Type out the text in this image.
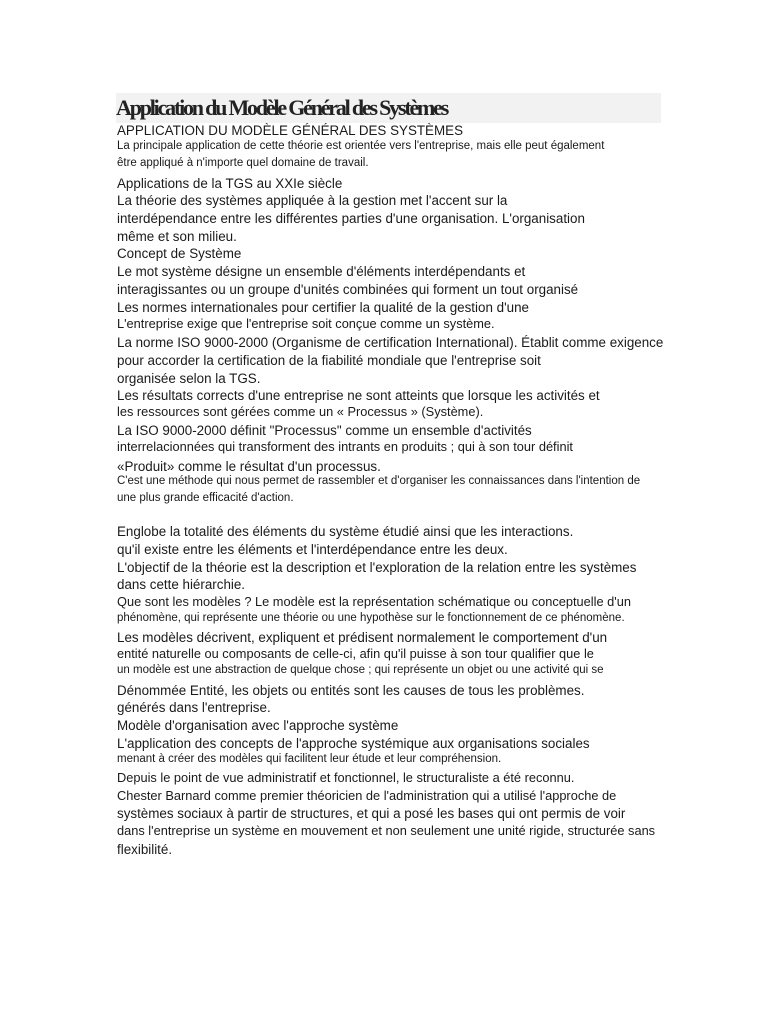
Application du Modèle Général des Systèmes
APPLICATION DU MODÈLE GÉNÉRAL DES SYSTÈMES
La principale application de cette théorie est orientée vers l'entreprise, mais elle peut également
être appliqué à n'importe quel domaine de travail.
Applications de la TGS au XXIe siècle
La théorie des systèmes appliquée à la gestion met l'accent sur la
interdépendance entre les différentes parties d'une organisation. L'organisation
même et son milieu.
Concept de Système
Le mot système désigne un ensemble d'éléments interdépendants et
interagissantes ou un groupe d'unités combinées qui forment un tout organisé
Les normes internationales pour certifier la qualité de la gestion d'une
L'entreprise exige que l'entreprise soit conçue comme un système.
La norme ISO 9000-2000 (Organisme de certification International). Établit comme exigence
pour accorder la certification de la fiabilité mondiale que l'entreprise soit
organisée selon la TGS.
Les résultats corrects d'une entreprise ne sont atteints que lorsque les activités et
les ressources sont gérées comme un « Processus » (Système).
La ISO 9000-2000 définit "Processus" comme un ensemble d'activités
interrelacionnées qui transforment des intrants en produits ; qui à son tour définit
«Produit» comme le résultat d'un processus.
C'est une méthode qui nous permet de rassembler et d'organiser les connaissances dans l'intention de
une plus grande efficacité d'action.
Englobe la totalité des éléments du système étudié ainsi que les interactions.
qu'il existe entre les éléments et l'interdépendance entre les deux.
L'objectif de la théorie est la description et l'exploration de la relation entre les systèmes
dans cette hiérarchie.
Que sont les modèles ? Le modèle est la représentation schématique ou conceptuelle d'un
phénomène, qui représente une théorie ou une hypothèse sur le fonctionnement de ce phénomène.
Les modèles décrivent, expliquent et prédisent normalement le comportement d'un
entité naturelle ou composants de celle-ci, afin qu'il puisse à son tour qualifier que le
un modèle est une abstraction de quelque chose ; qui représente un objet ou une activité qui se
Dénommée Entité, les objets ou entités sont les causes de tous les problèmes.
générés dans l'entreprise.
Modèle d'organisation avec l'approche système
L'application des concepts de l'approche systémique aux organisations sociales
menant à créer des modèles qui facilitent leur étude et leur compréhension.
Depuis le point de vue administratif et fonctionnel, le structuraliste a été reconnu.
Chester Barnard comme premier théoricien de l'administration qui a utilisé l'approche de
systèmes sociaux à partir de structures, et qui a posé les bases qui ont permis de voir
dans l'entreprise un système en mouvement et non seulement une unité rigide, structurée sans
flexibilité.
